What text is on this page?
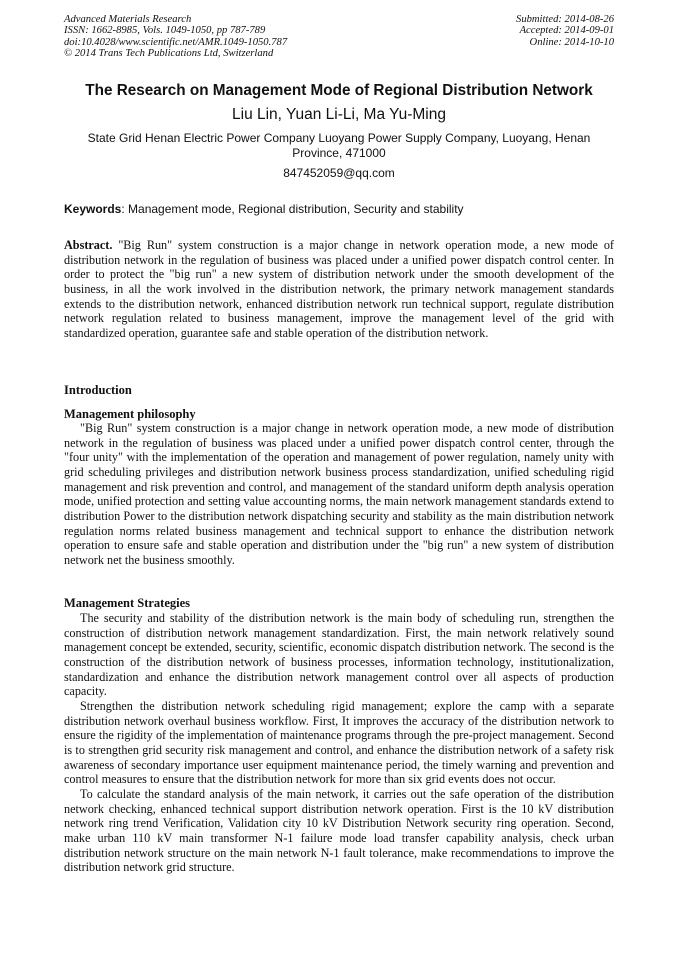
Advanced Materials Research
ISSN: 1662-8985, Vols. 1049-1050, pp 787-789
doi:10.4028/www.scientific.net/AMR.1049-1050.787
© 2014 Trans Tech Publications Ltd, Switzerland
Submitted: 2014-08-26
Accepted: 2014-09-01
Online: 2014-10-10
The Research on Management Mode of Regional Distribution Network
Liu Lin, Yuan Li-Li, Ma Yu-Ming
State Grid Henan Electric Power Company Luoyang Power Supply Company, Luoyang, Henan Province, 471000
847452059@qq.com
Keywords: Management mode, Regional distribution, Security and stability
Abstract. "Big Run" system construction is a major change in network operation mode, a new mode of distribution network in the regulation of business was placed under a unified power dispatch control center. In order to protect the "big run" a new system of distribution network under the smooth development of the business, in all the work involved in the distribution network, the primary network management standards extends to the distribution network, enhanced distribution network run technical support, regulate distribution network regulation related to business management, improve the management level of the grid with standardized operation, guarantee safe and stable operation of the distribution network.
Introduction
Management philosophy
"Big Run" system construction is a major change in network operation mode, a new mode of distribution network in the regulation of business was placed under a unified power dispatch control center, through the "four unity" with the implementation of the operation and management of power regulation, namely unity with grid scheduling privileges and distribution network business process standardization, unified scheduling rigid management and risk prevention and control, and management of the standard uniform depth analysis operation mode, unified protection and setting value accounting norms, the main network management standards extend to distribution Power to the distribution network dispatching security and stability as the main distribution network regulation norms related business management and technical support to enhance the distribution network operation to ensure safe and stable operation and distribution under the "big run" a new system of distribution network net the business smoothly.
Management Strategies

The security and stability of the distribution network is the main body of scheduling run, strengthen the construction of distribution network management standardization. First, the main network relatively sound management concept be extended, security, scientific, economic dispatch distribution network. The second is the construction of the distribution network of business processes, information technology, institutionalization, standardization and enhance the distribution network management control over all aspects of production capacity.

Strengthen the distribution network scheduling rigid management; explore the camp with a separate distribution network overhaul business workflow. First, It improves the accuracy of the distribution network to ensure the rigidity of the implementation of maintenance programs through the pre-project management. Second is to strengthen grid security risk management and control, and enhance the distribution network of a safety risk awareness of secondary importance user equipment maintenance period, the timely warning and prevention and control measures to ensure that the distribution network for more than six grid events does not occur.

To calculate the standard analysis of the main network, it carries out the safe operation of the distribution network checking, enhanced technical support distribution network operation. First is the 10 kV distribution network ring trend Verification, Validation city 10 kV Distribution Network security ring operation. Second, make urban 110 kV main transformer N-1 failure mode load transfer capability analysis, check urban distribution network structure on the main network N-1 fault tolerance, make recommendations to improve the distribution network grid structure.
